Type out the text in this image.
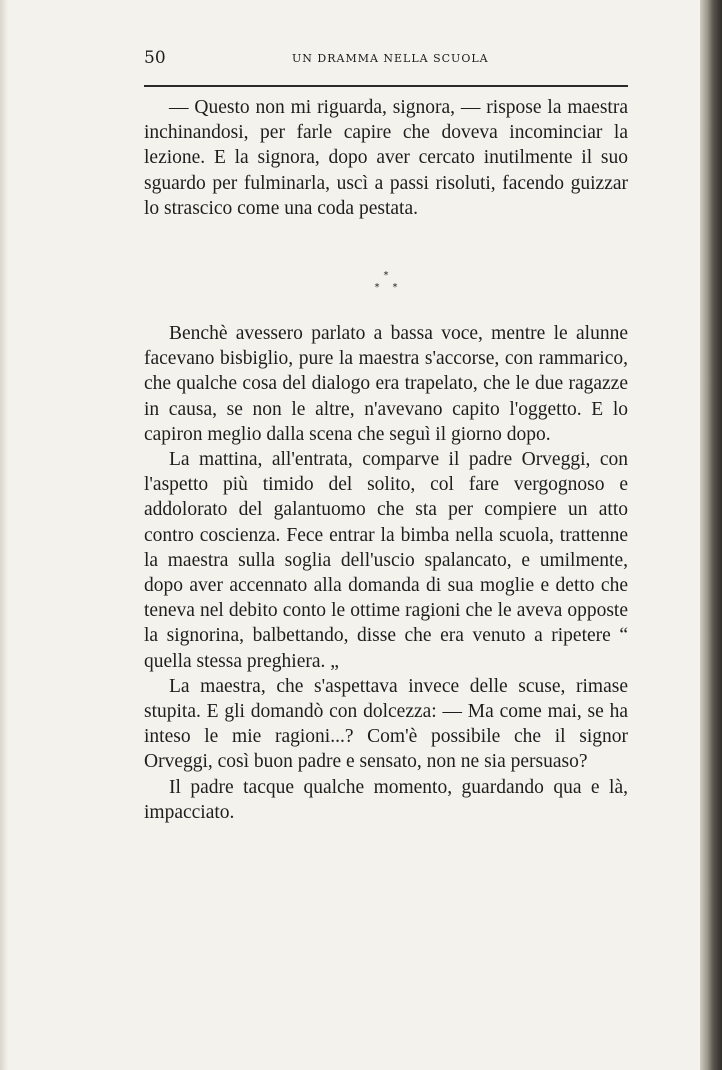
50	UN DRAMMA NELLA SCUOLA

— Questo non mi riguarda, signora, — rispose la maestra inchinandosi, per farle capire che doveva incominciar la lezione. E la signora, dopo aver cercato inutilmente il suo sguardo per fulminarla, uscì a passi risoluti, facendo guizzar lo strascico come una coda pestata.

*
* *

Benchè avessero parlato a bassa voce, mentre le alunne facevano bisbiglio, pure la maestra s'accorse, con rammarico, che qualche cosa del dialogo era trapelato, che le due ragazze in causa, se non le altre, n'avevano capito l'oggetto. E lo capiron meglio dalla scena che seguì il giorno dopo.

La mattina, all'entrata, comparve il padre Orveggi, con l'aspetto più timido del solito, col fare vergognoso e addolorato del galantuomo che sta per compiere un atto contro coscienza. Fece entrar la bimba nella scuola, trattenne la maestra sulla soglia dell'uscio spalancato, e umilmente, dopo aver accennato alla domanda di sua moglie e detto che teneva nel debito conto le ottime ragioni che le aveva opposte la signorina, balbettando, disse che era venuto a ripetere “ quella stessa preghiera. „

La maestra, che s'aspettava invece delle scuse, rimase stupita. E gli domandò con dolcezza: — Ma come mai, se ha inteso le mie ragioni...? Com'è possibile che il signor Orveggi, così buon padre e sensato, non ne sia persuaso?

Il padre tacque qualche momento, guardando qua e là, impacciato.
